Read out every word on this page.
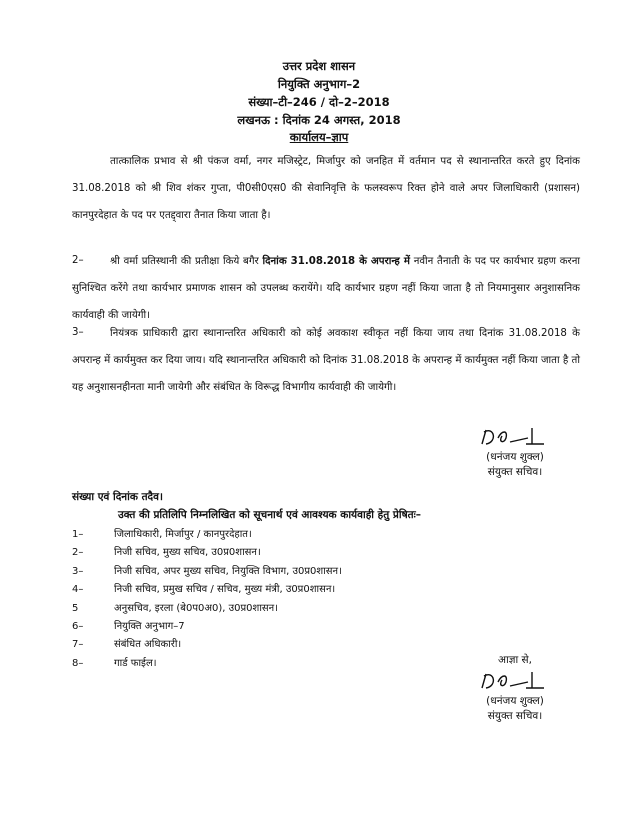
उत्तर प्रदेश शासन
नियुक्ति अनुभाग–2
संख्या–टी–246 / दो–2–2018
लखनऊ : दिनांक 24 अगस्त, 2018
कार्यालय–ज्ञाप

तात्कालिक प्रभाव से श्री पंकज वर्मा, नगर मजिस्ट्रेट, मिर्जापुर को जनहित में वर्तमान पद से स्थानान्तरित करते हुए दिनांक 31.08.2018 को श्री शिव शंकर गुप्ता, पी0सी0एस0 की सेवानिवृत्ति के फलस्वरूप रिक्त होने वाले अपर जिलाधिकारी (प्रशासन) कानपुरदेहात के पद पर एतद्द्वारा तैनात किया जाता है।

2–	श्री वर्मा प्रतिस्थानी की प्रतीक्षा किये बगैर दिनांक 31.08.2018 के अपरान्ह में नवीन तैनाती के पद पर कार्यभार ग्रहण करना सुनिश्चित करेंगे तथा कार्यभार प्रमाणक शासन को उपलब्ध करायेंगे। यदि कार्यभार ग्रहण नहीं किया जाता है तो नियमानुसार अनुशासनिक कार्यवाही की जायेगी।

3–	नियंत्रक प्राधिकारी द्वारा स्थानान्तरित अधिकारी को कोई अवकाश स्वीकृत नहीं किया जाय तथा दिनांक 31.08.2018 के अपरान्ह में कार्यमुक्त कर दिया जाय। यदि स्थानान्तरित अधिकारी को दिनांक 31.08.2018 के अपरान्ह में कार्यमुक्त नहीं किया जाता है तो यह अनुशासनहीनता मानी जायेगी और संबंधित के विरूद्ध विभागीय कार्यवाही की जायेगी।

(धनंजय शुक्ल)
संयुक्त सचिव।
संख्या एवं दिनांक तदैव।
उक्त की प्रतिलिपि निम्नलिखित को सूचनार्थ एवं आवश्यक कार्यवाही हेतु प्रेषितः–
1–	जिलाधिकारी, मिर्जापुर / कानपुरदेहात।
2–	निजी सचिव, मुख्य सचिव, उ0प्र0शासन।
3–	निजी सचिव, अपर मुख्य सचिव, नियुक्ति विभाग, उ0प्र0शासन।
4–	निजी सचिव, प्रमुख सचिव / सचिव, मुख्य मंत्री, उ0प्र0शासन।
5	अनुसचिव, इरला (बे0प0अ0), उ0प्र0शासन।
6–	नियुक्ति अनुभाग–7
7–	संबंधित अधिकारी।
8–	गार्ड फाईल।	आज्ञा से,
(धनंजय शुक्ल)
संयुक्त सचिव।
